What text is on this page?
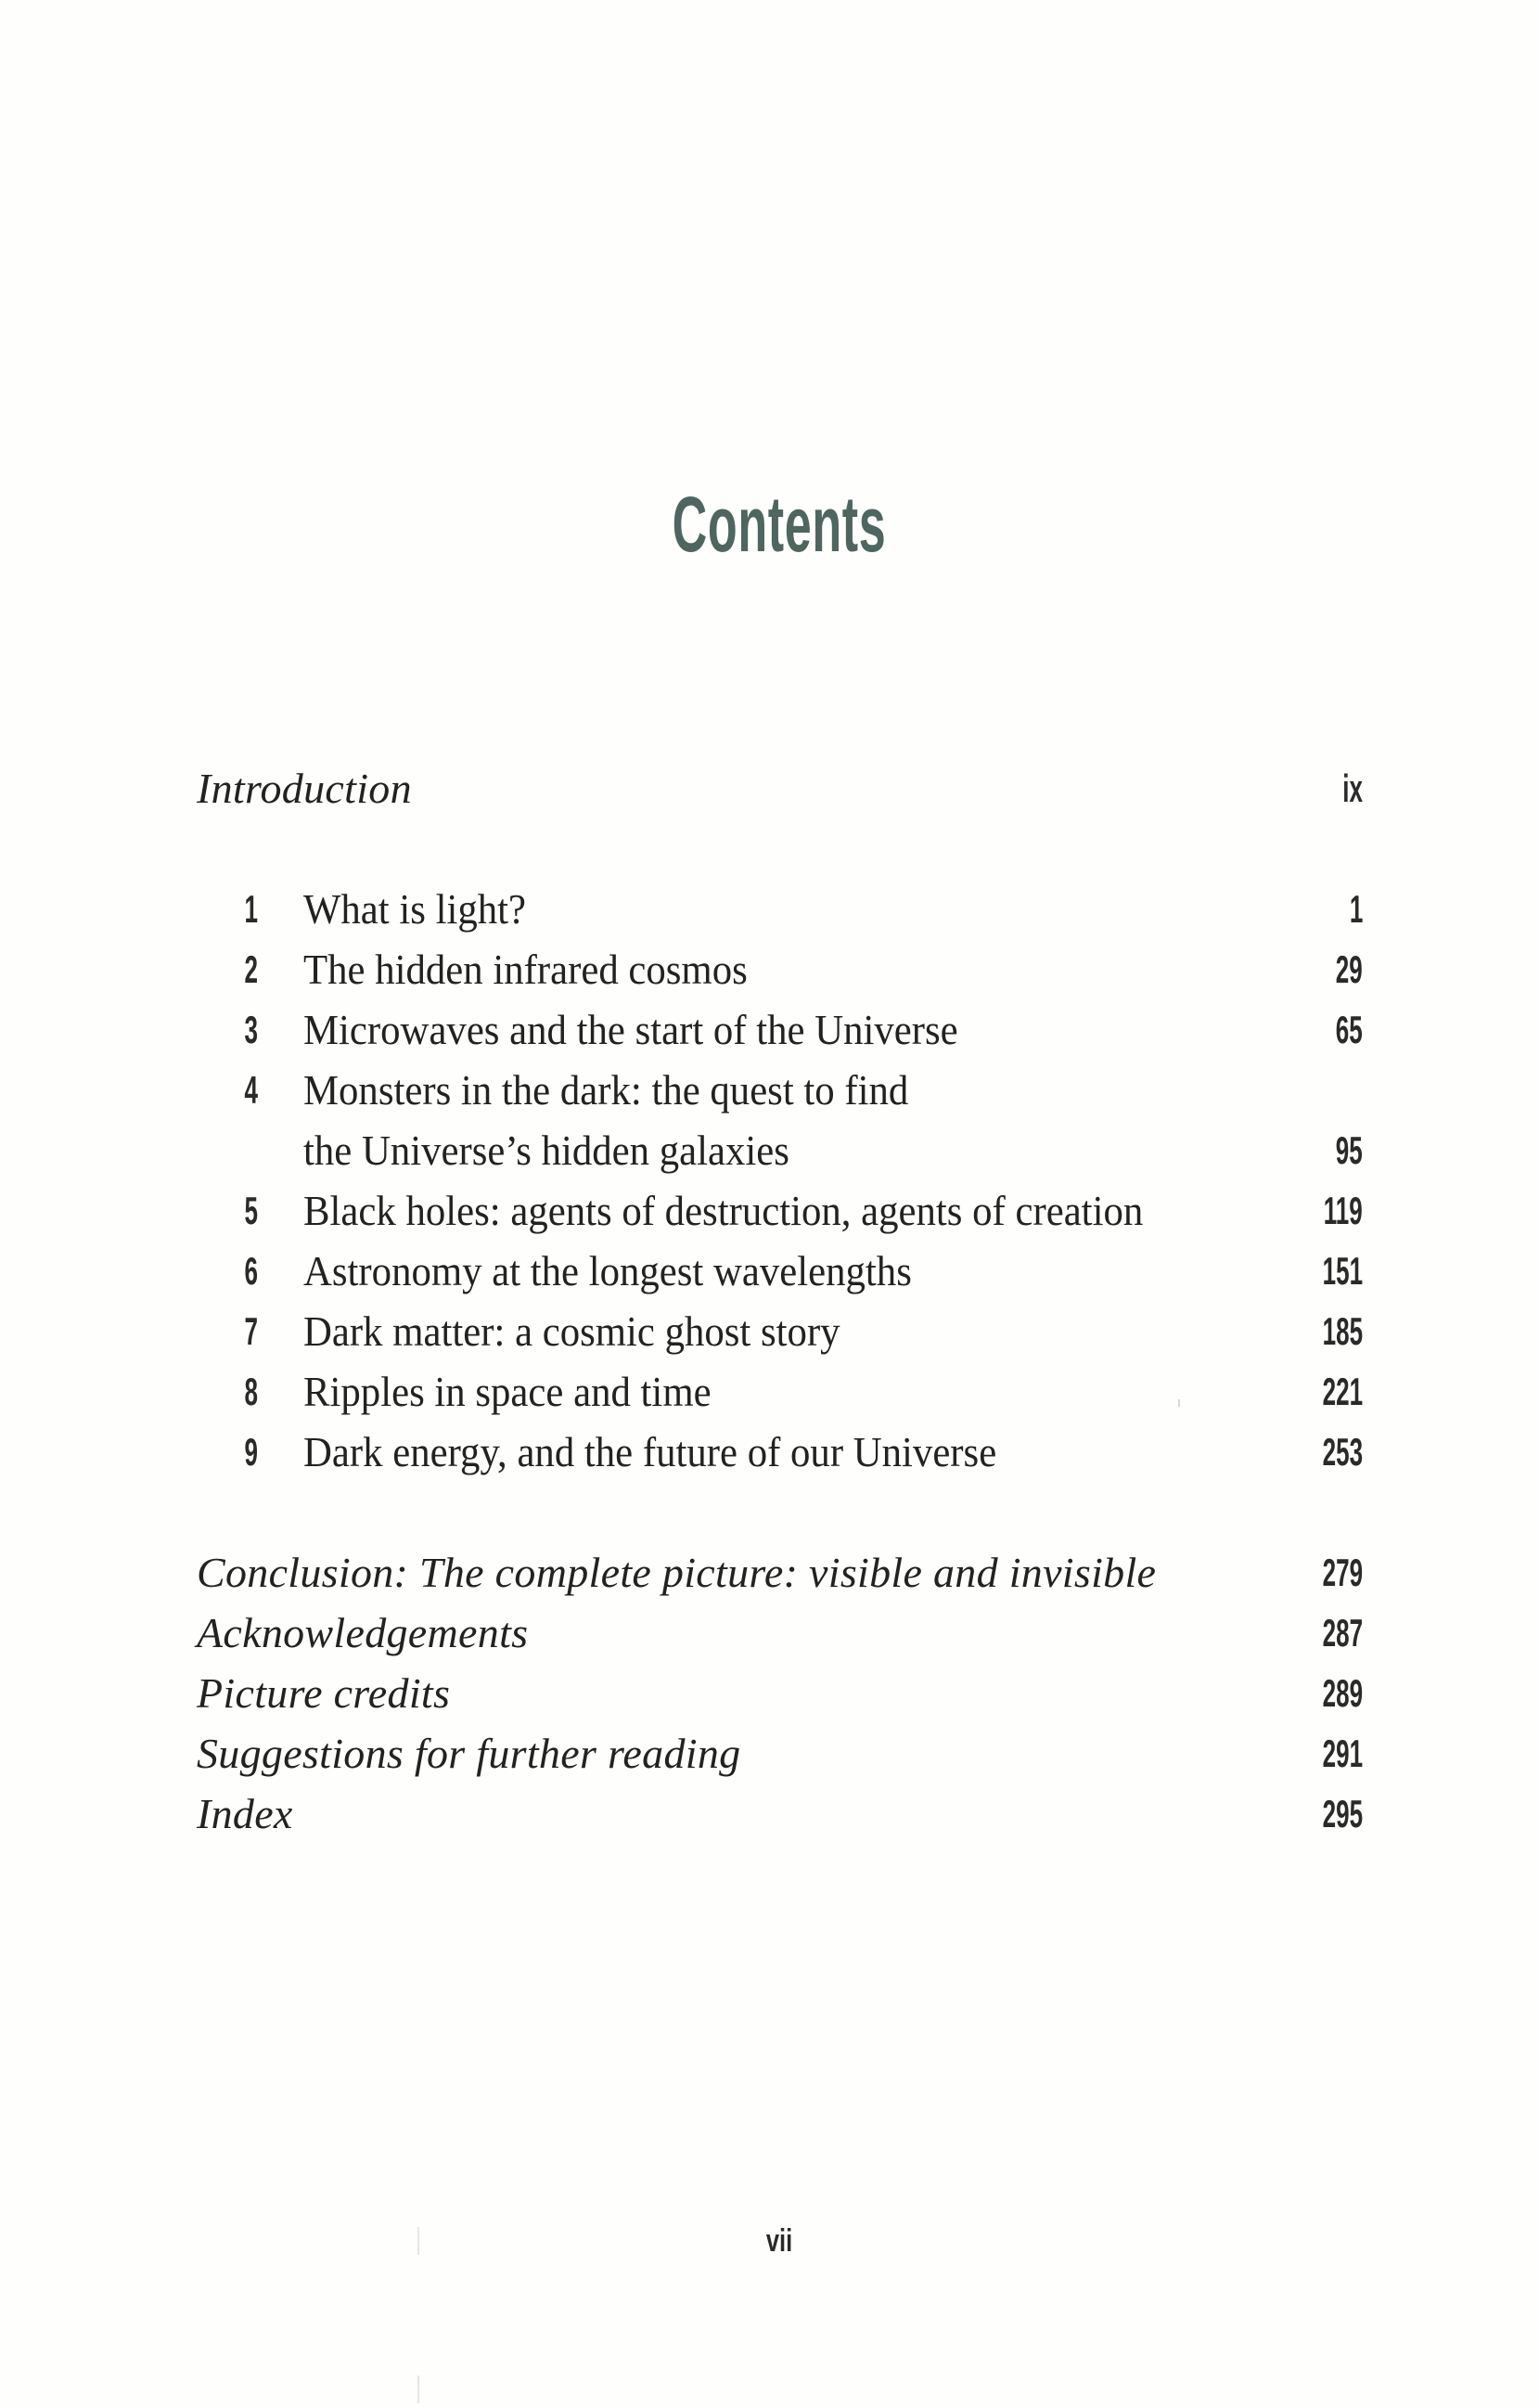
Contents
Introduction	ix
1 What is light?	1
2 The hidden infrared cosmos	29
3 Microwaves and the start of the Universe	65
4 Monsters in the dark: the quest to find
the Universe’s hidden galaxies	95
5 Black holes: agents of destruction, agents of creation	119
6 Astronomy at the longest wavelengths	151
7 Dark matter: a cosmic ghost story	185
8 Ripples in space and time	221
9 Dark energy, and the future of our Universe	253
Conclusion: The complete picture: visible and invisible	279
Acknowledgements	287
Picture credits	289
Suggestions for further reading	291
Index	295
vii
